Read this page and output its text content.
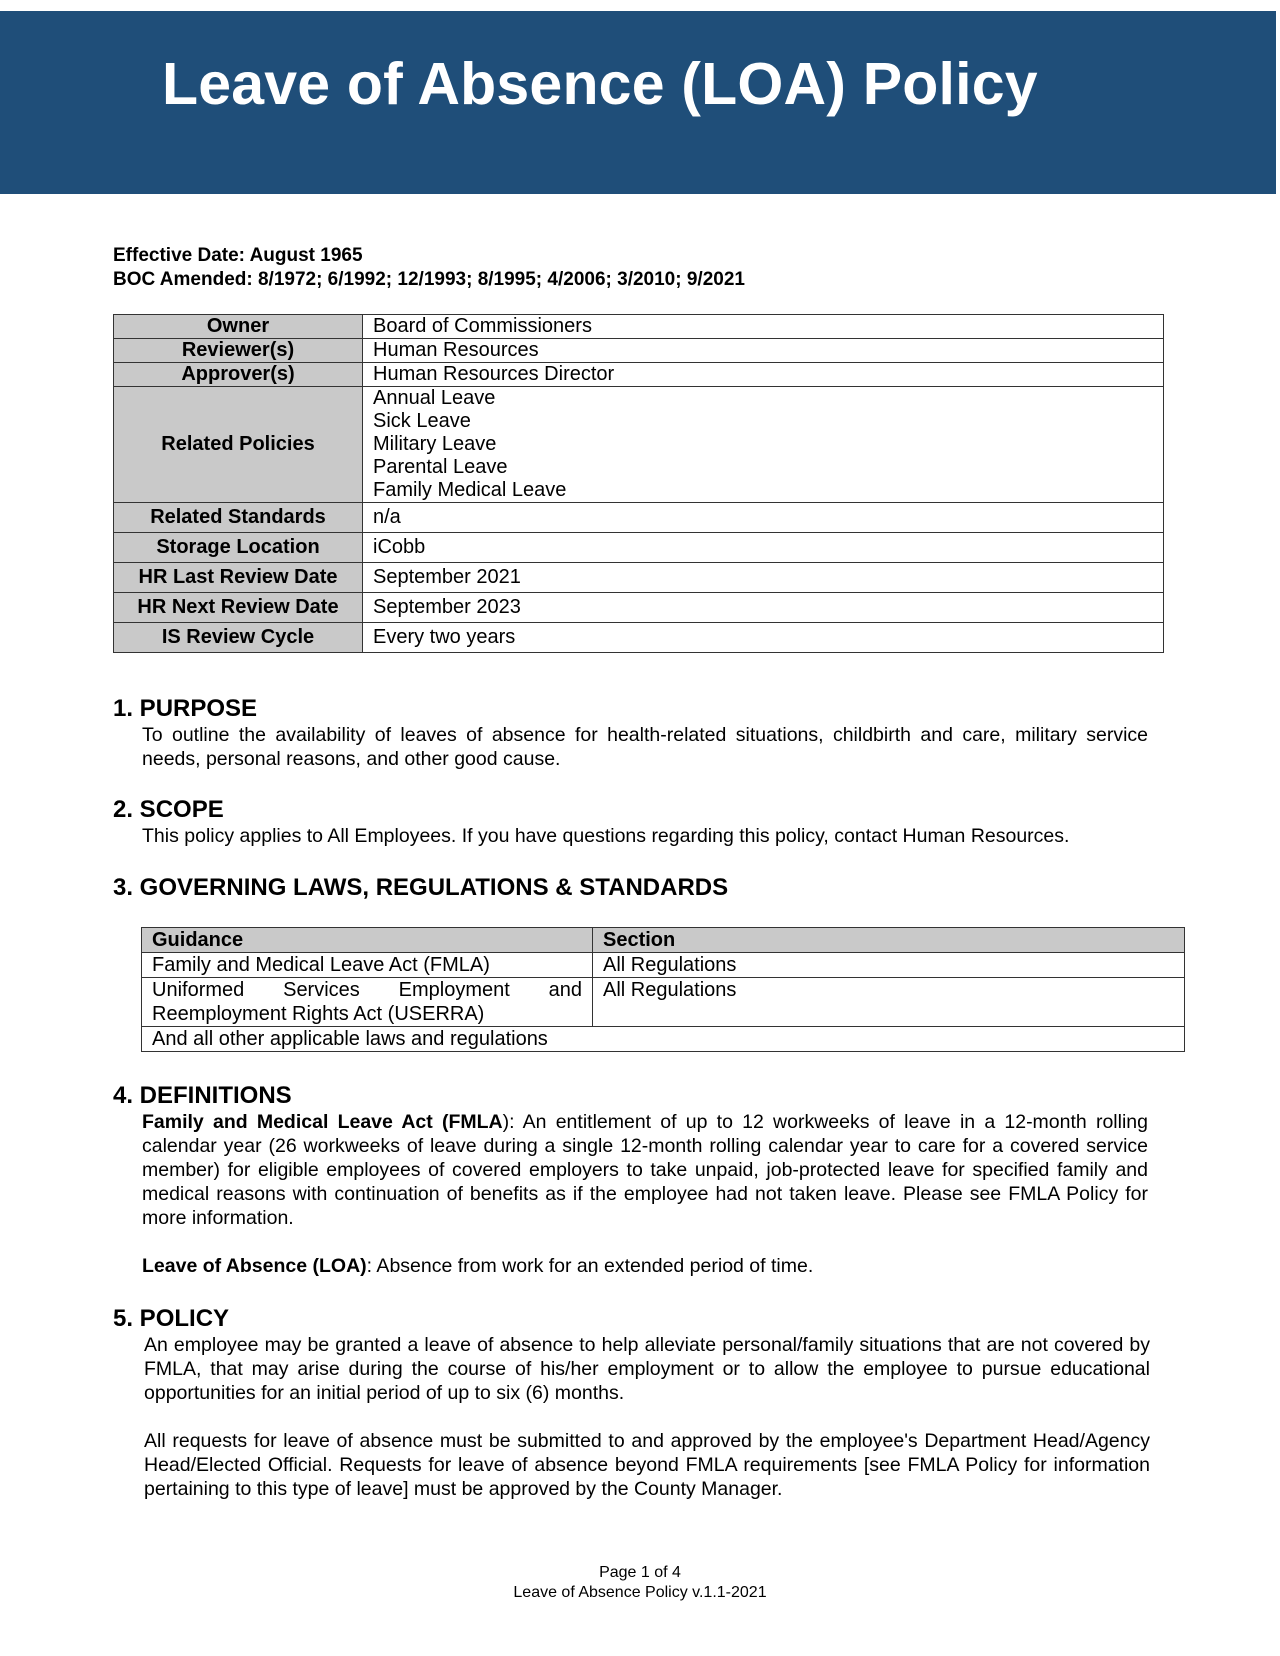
Leave of Absence (LOA) Policy
Effective Date: August 1965
BOC Amended: 8/1972; 6/1992; 12/1993; 8/1995; 4/2006; 3/2010; 9/2021
Owner	Board of Commissioners
Reviewer(s)	Human Resources
Approver(s)	Human Resources Director
Related Policies	Annual Leave
Sick Leave
Military Leave
Parental Leave
Family Medical Leave

Related Standards	n/a
Storage Location	iCobb
HR Last Review Date	September 2021
HR Next Review Date	September 2023
IS Review Cycle	Every two years
1. PURPOSE

To outline the availability of leaves of absence for health-related situations, childbirth and care, military service needs, personal reasons, and other good cause.

2. SCOPE

This policy applies to All Employees. If you have questions regarding this policy, contact Human Resources.

3. GOVERNING LAWS, REGULATIONS & STANDARDS
Guidance	Section
Family and Medical Leave Act (FMLA)	All Regulations
Uniformed Services Employment and Reemployment Rights Act (USERRA)	All Regulations
And all other applicable laws and regulations	
4. DEFINITIONS

Family and Medical Leave Act (FMLA): An entitlement of up to 12 workweeks of leave in a 12-month rolling calendar year (26 workweeks of leave during a single 12-month rolling calendar year to care for a covered service member) for eligible employees of covered employers to take unpaid, job-protected leave for specified family and medical reasons with continuation of benefits as if the employee had not taken leave. Please see FMLA Policy for more information.

Leave of Absence (LOA): Absence from work for an extended period of time.

5. POLICY

An employee may be granted a leave of absence to help alleviate personal/family situations that are not covered by FMLA, that may arise during the course of his/her employment or to allow the employee to pursue educational opportunities for an initial period of up to six (6) months.

All requests for leave of absence must be submitted to and approved by the employee's Department Head/Agency Head/Elected Official. Requests for leave of absence beyond FMLA requirements [see FMLA Policy for information pertaining to this type of leave] must be approved by the County Manager.

Page 1 of 4
Leave of Absence Policy v.1.1-2021
